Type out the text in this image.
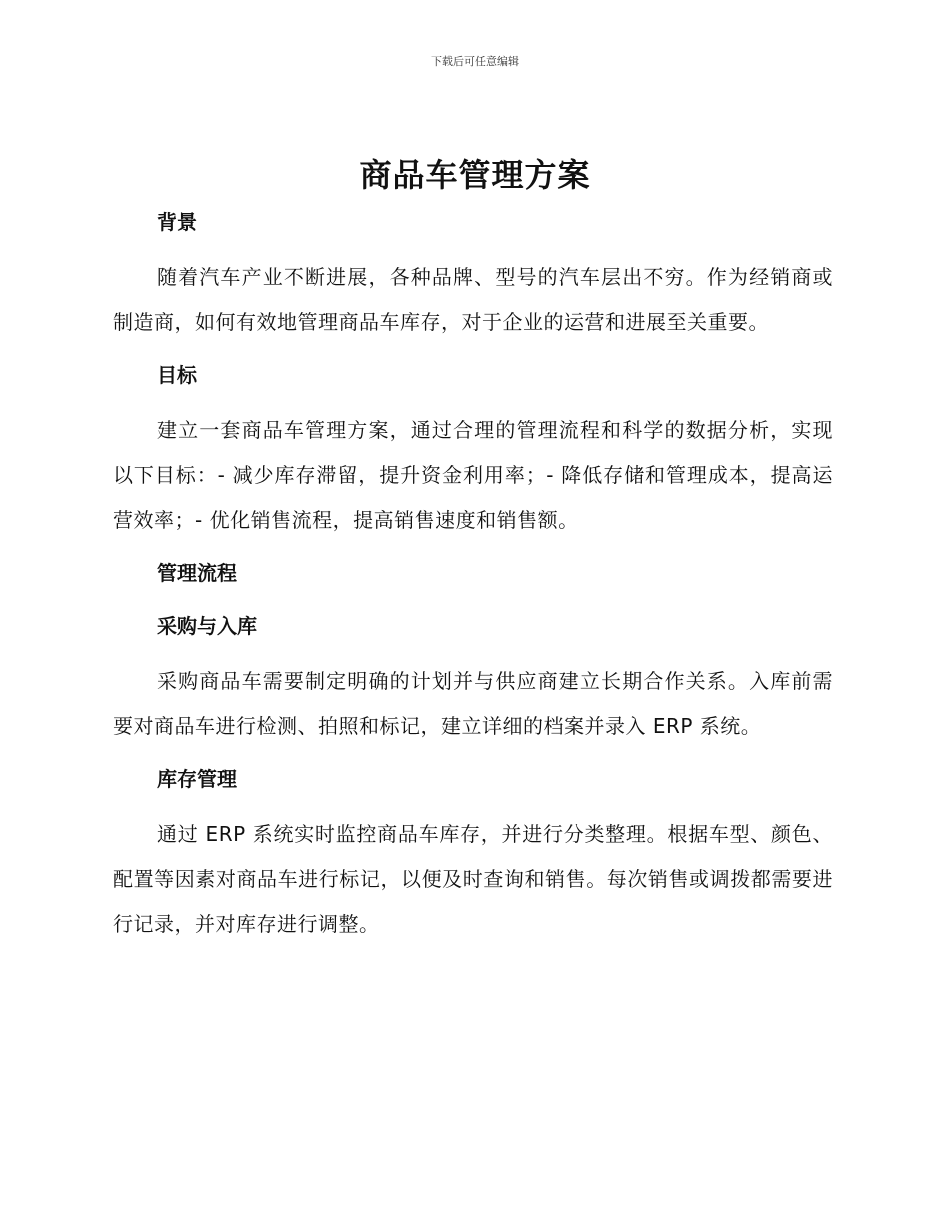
下载后可任意编辑
商品车管理方案
背景

随着汽车产业不断进展，各种品牌、型号的汽车层出不穷。作为经销商或制造商，如何有效地管理商品车库存，对于企业的运营和进展至关重要。

目标

建立一套商品车管理方案，通过合理的管理流程和科学的数据分析，实现以下目标：- 减少库存滞留，提升资金利用率；- 降低存储和管理成本，提高运营效率；- 优化销售流程，提高销售速度和销售额。

管理流程
采购与入库

采购商品车需要制定明确的计划并与供应商建立长期合作关系。入库前需要对商品车进行检测、拍照和标记，建立详细的档案并录入 ERP 系统。

库存管理

通过 ERP 系统实时监控商品车库存，并进行分类整理。根据车型、颜色、配置等因素对商品车进行标记，以便及时查询和销售。每次销售或调拨都需要进行记录，并对库存进行调整。
